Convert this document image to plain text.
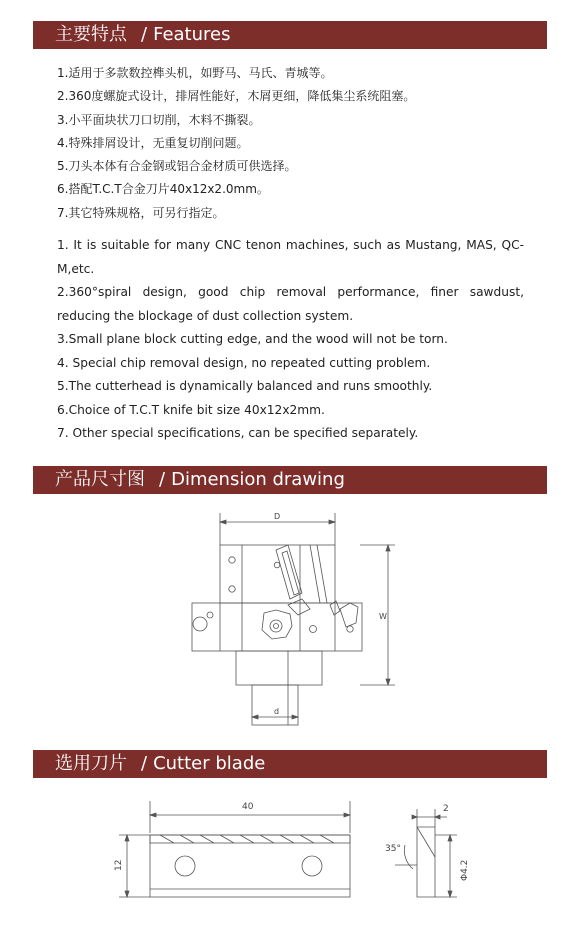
主要特点 / Features
1.适用于多款数控榫头机，如野马、马氏、青城等。
2.360度螺旋式设计，排屑性能好，木屑更细，降低集尘系统阻塞。
3.小平面块状刀口切削，木料不撕裂。
4.特殊排屑设计，无重复切削问题。
5.刀头本体有合金钢或铝合金材质可供选择。
6.搭配T.C.T合金刀片40x12x2.0mm。
7.其它特殊规格，可另行指定。
1. It is suitable for many CNC tenon machines, such as Mustang, MAS, QC-M,etc.
2.360°spiral design, good chip removal performance, finer sawdust, reducing the blockage of dust collection system.
3.Small plane block cutting edge, and the wood will not be torn.
4. Special chip removal design, no repeated cutting problem.
5.The cutterhead is dynamically balanced and runs smoothly.
6.Choice of T.C.T knife bit size 40x12x2mm.
7. Other special specifications, can be specified separately.
产品尺寸图 / Dimension drawing
D
W
d
选用刀片 / Cutter blade
40
12
2
35°
Φ4.2
